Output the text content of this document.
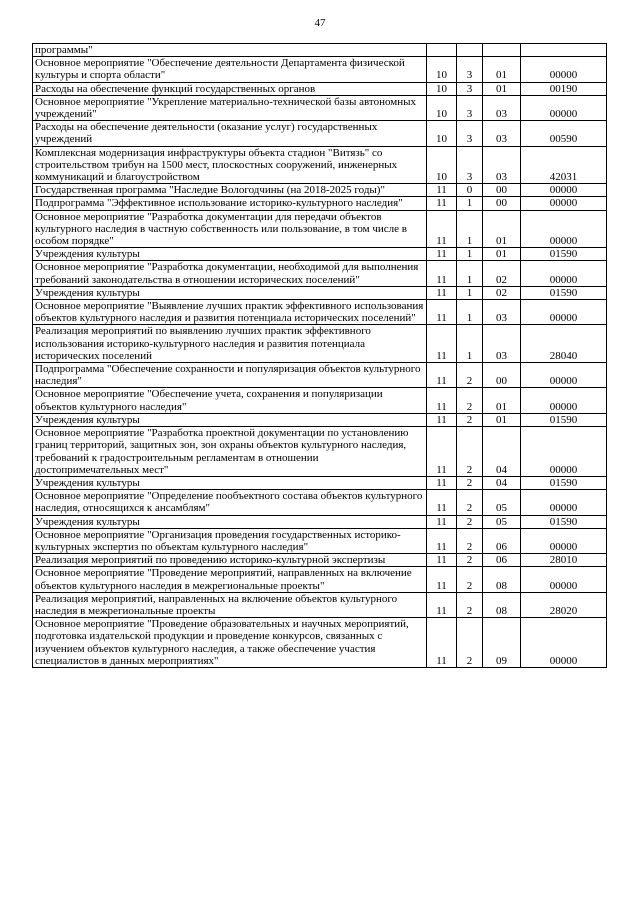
47
программы"				
Основное мероприятие "Обеспечение деятельности Департамента физической культуры и спорта области"	10	3	01	00000
Расходы на обеспечение функций государственных органов	10	3	01	00190
Основное мероприятие "Укрепление материально-технической базы автономных учреждений"	10	3	03	00000
Расходы на обеспечение деятельности (оказание услуг) государственных учреждений	10	3	03	00590
Комплексная модернизация инфраструктуры объекта стадион "Витязь" со строительством трибун на 1500 мест, плоскостных сооружений, инженерных коммуникаций и благоустройством	10	3	03	42031
Государственная программа "Наследие Вологодчины (на 2018-2025 годы)"	11	0	00	00000
Подпрограмма "Эффективное использование историко-культурного наследия"	11	1	00	00000
Основное мероприятие "Разработка документации для передачи объектов культурного наследия в частную собственность или пользование, в том числе в особом порядке"	11	1	01	00000
Учреждения культуры	11	1	01	01590
Основное мероприятие "Разработка документации, необходимой для выполнения требований законодательства в отношении исторических поселений"	11	1	02	00000
Учреждения культуры	11	1	02	01590
Основное мероприятие "Выявление лучших практик эффективного использования объектов культурного наследия и развития потенциала исторических поселений"	11	1	03	00000
Реализация мероприятий по выявлению лучших практик эффективного использования историко-культурного наследия и развития потенциала исторических поселений	11	1	03	28040
Подпрограмма "Обеспечение сохранности и популяризация объектов культурного наследия"	11	2	00	00000
Основное мероприятие "Обеспечение учета, сохранения и популяризации объектов культурного наследия"	11	2	01	00000
Учреждения культуры	11	2	01	01590
Основное мероприятие "Разработка проектной документации по установлению границ территорий, защитных зон, зон охраны объектов культурного наследия, требований к градостроительным регламентам в отношении достопримечательных мест"	11	2	04	00000
Учреждения культуры	11	2	04	01590
Основное мероприятие "Определение пообъектного состава объектов культурного наследия, относящихся к ансамблям"	11	2	05	00000
Учреждения культуры	11	2	05	01590
Основное мероприятие "Организация проведения государственных историко-культурных экспертиз по объектам культурного наследия"	11	2	06	00000
Реализация мероприятий по проведению историко-культурной экспертизы	11	2	06	28010
Основное мероприятие "Проведение мероприятий, направленных на включение объектов культурного наследия в межрегиональные проекты"	11	2	08	00000
Реализация мероприятий, направленных на включение объектов культурного наследия в межрегиональные проекты	11	2	08	28020
Основное мероприятие "Проведение образовательных и научных мероприятий, подготовка издательской продукции и проведение конкурсов, связанных с изучением объектов культурного наследия, а также обеспечение участия специалистов в данных мероприятиях"	11	2	09	00000
